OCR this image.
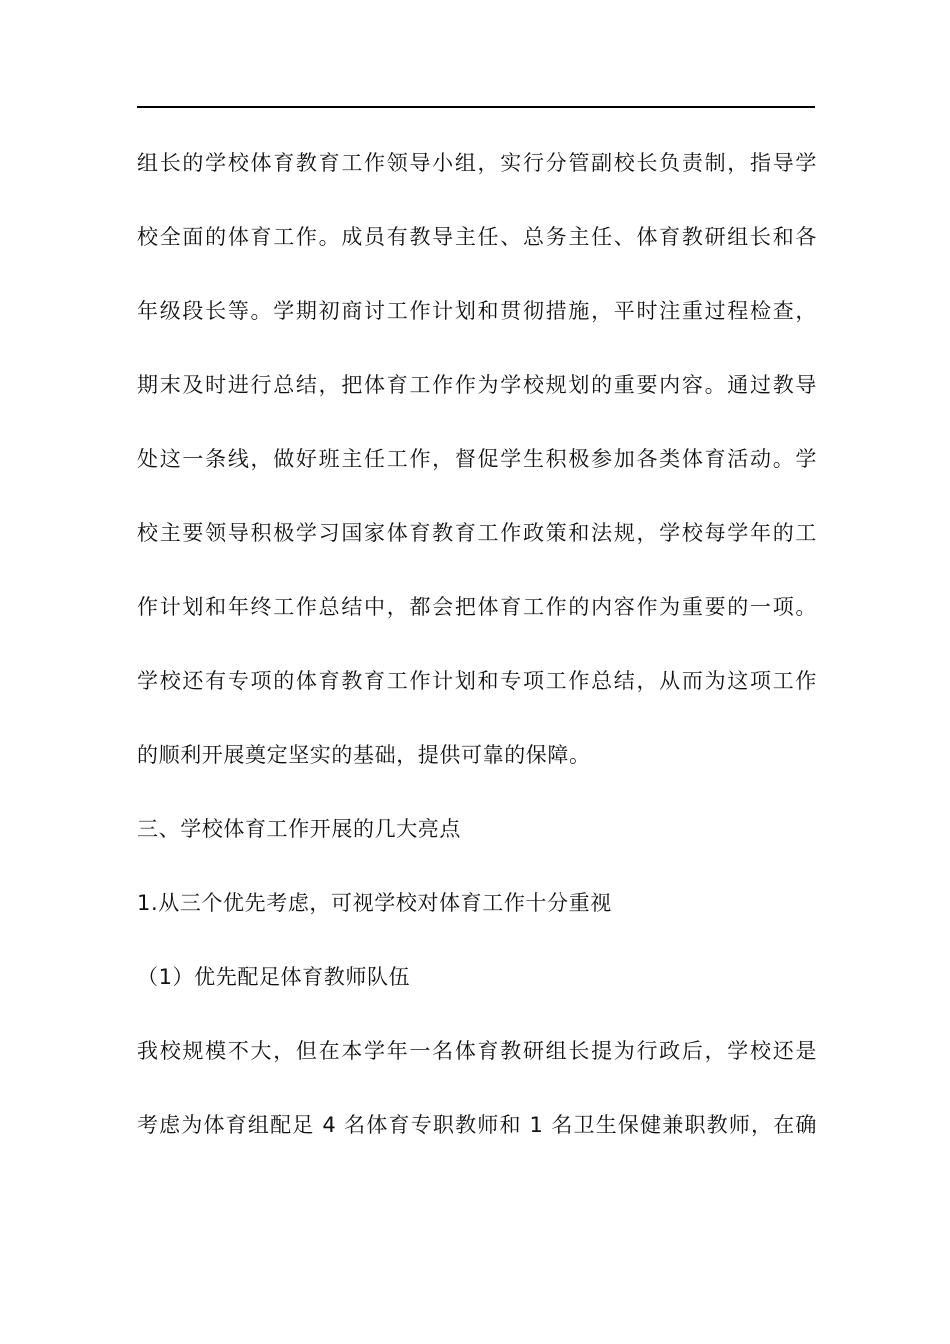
组长的学校体育教育工作领导小组，实行分管副校长负责制，指导学
校全面的体育工作。成员有教导主任、总务主任、体育教研组长和各
年级段长等。学期初商讨工作计划和贯彻措施，平时注重过程检查，
期末及时进行总结，把体育工作作为学校规划的重要内容。通过教导
处这一条线，做好班主任工作，督促学生积极参加各类体育活动。学
校主要领导积极学习国家体育教育工作政策和法规，学校每学年的工
作计划和年终工作总结中，都会把体育工作的内容作为重要的一项。
学校还有专项的体育教育工作计划和专项工作总结，从而为这项工作
的顺利开展奠定坚实的基础，提供可靠的保障。
三、学校体育工作开展的几大亮点
1.从三个优先考虑，可视学校对体育工作十分重视
（1）优先配足体育教师队伍
我校规模不大，但在本学年一名体育教研组长提为行政后，学校还是
考虑为体育组配足 4 名体育专职教师和 1 名卫生保健兼职教师，在确
